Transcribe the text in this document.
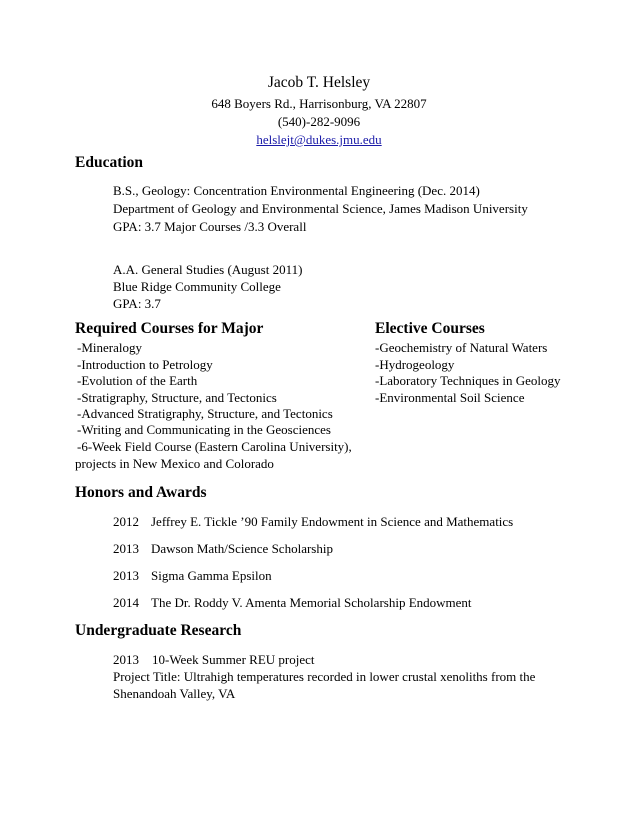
Jacob T. Helsley
648 Boyers Rd., Harrisonburg, VA 22807
(540)-282-9096
helslejt@dukes.jmu.edu
Education
B.S., Geology: Concentration Environmental Engineering (Dec. 2014)
Department of Geology and Environmental Science, James Madison University
GPA: 3.7 Major Courses /3.3 Overall
A.A. General Studies (August 2011)
Blue Ridge Community College
GPA: 3.7
Required Courses for Major	Elective Courses
-Mineralogy
-Introduction to Petrology
-Evolution of the Earth
-Stratigraphy, Structure, and Tectonics
-Advanced Stratigraphy, Structure, and Tectonics
-Writing and Communicating in the Geosciences
-6-Week Field Course (Eastern Carolina University),
projects in New Mexico and Colorado
-Geochemistry of Natural Waters
-Hydrogeology
-Laboratory Techniques in Geology
-Environmental Soil Science
Honors and Awards
2012 Jeffrey E. Tickle ’90 Family Endowment in Science and Mathematics
2013 Dawson Math/Science Scholarship
2013 Sigma Gamma Epsilon
2014 The Dr. Roddy V. Amenta Memorial Scholarship Endowment
Undergraduate Research
2013    10-Week Summer REU project
Project Title: Ultrahigh temperatures recorded in lower crustal xenoliths from the
Shenandoah Valley, VA
